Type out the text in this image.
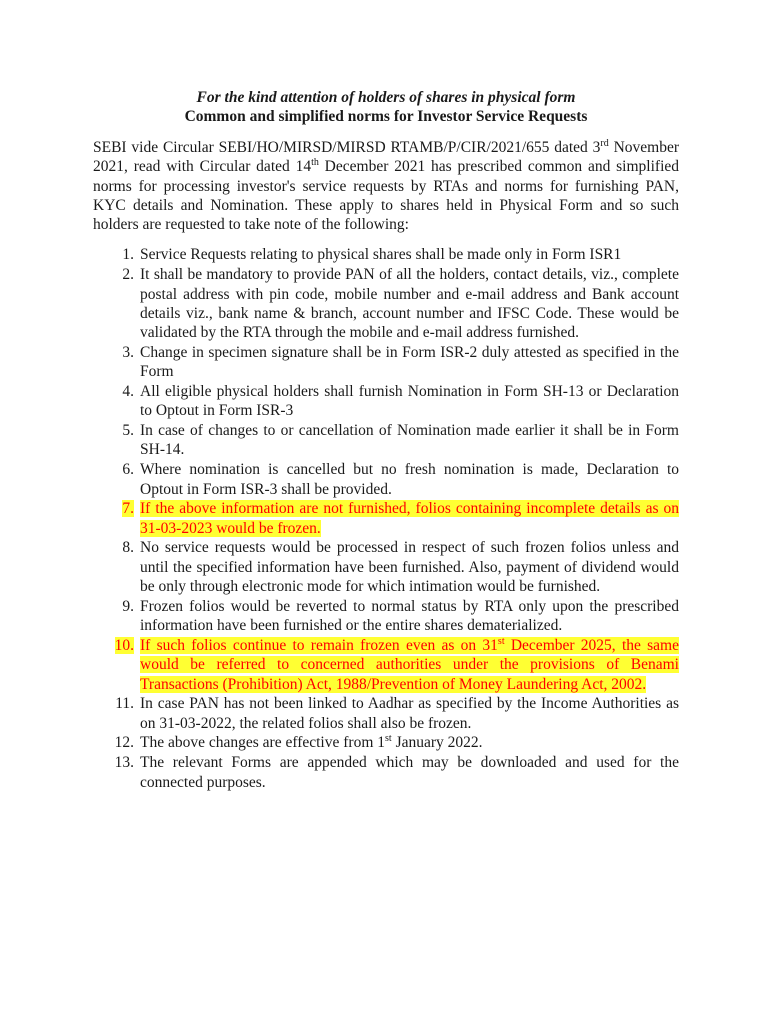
For the kind attention of holders of shares in physical form

Common and simplified norms for Investor Service Requests

SEBI vide Circular SEBI/HO/MIRSD/MIRSD RTAMB/P/CIR/2021/655 dated 3rd November 2021, read with Circular dated 14th December 2021 has prescribed common and simplified norms for processing investor's service requests by RTAs and norms for furnishing PAN, KYC details and Nomination. These apply to shares held in Physical Form and so such holders are requested to take note of the following:

1. Service Requests relating to physical shares shall be made only in Form ISR1
2. It shall be mandatory to provide PAN of all the holders, contact details, viz., complete postal address with pin code, mobile number and e-mail address and Bank account details viz., bank name & branch, account number and IFSC Code. These would be validated by the RTA through the mobile and e-mail address furnished.
3. Change in specimen signature shall be in Form ISR-2 duly attested as specified in the Form
4. All eligible physical holders shall furnish Nomination in Form SH-13 or Declaration to Optout in Form ISR-3
5. In case of changes to or cancellation of Nomination made earlier it shall be in Form SH-14.
6. Where nomination is cancelled but no fresh nomination is made, Declaration to Optout in Form ISR-3 shall be provided.
7. If the above information are not furnished, folios containing incomplete details as on 31-03-2023 would be frozen.
8. No service requests would be processed in respect of such frozen folios unless and until the specified information have been furnished. Also, payment of dividend would be only through electronic mode for which intimation would be furnished.
9. Frozen folios would be reverted to normal status by RTA only upon the prescribed information have been furnished or the entire shares dematerialized.
10. If such folios continue to remain frozen even as on 31st December 2025, the same would be referred to concerned authorities under the provisions of Benami Transactions (Prohibition) Act, 1988/Prevention of Money Laundering Act, 2002.
11. In case PAN has not been linked to Aadhar as specified by the Income Authorities as on 31-03-2022, the related folios shall also be frozen.
12. The above changes are effective from 1st January 2022.
13. The relevant Forms are appended which may be downloaded and used for the connected purposes.
